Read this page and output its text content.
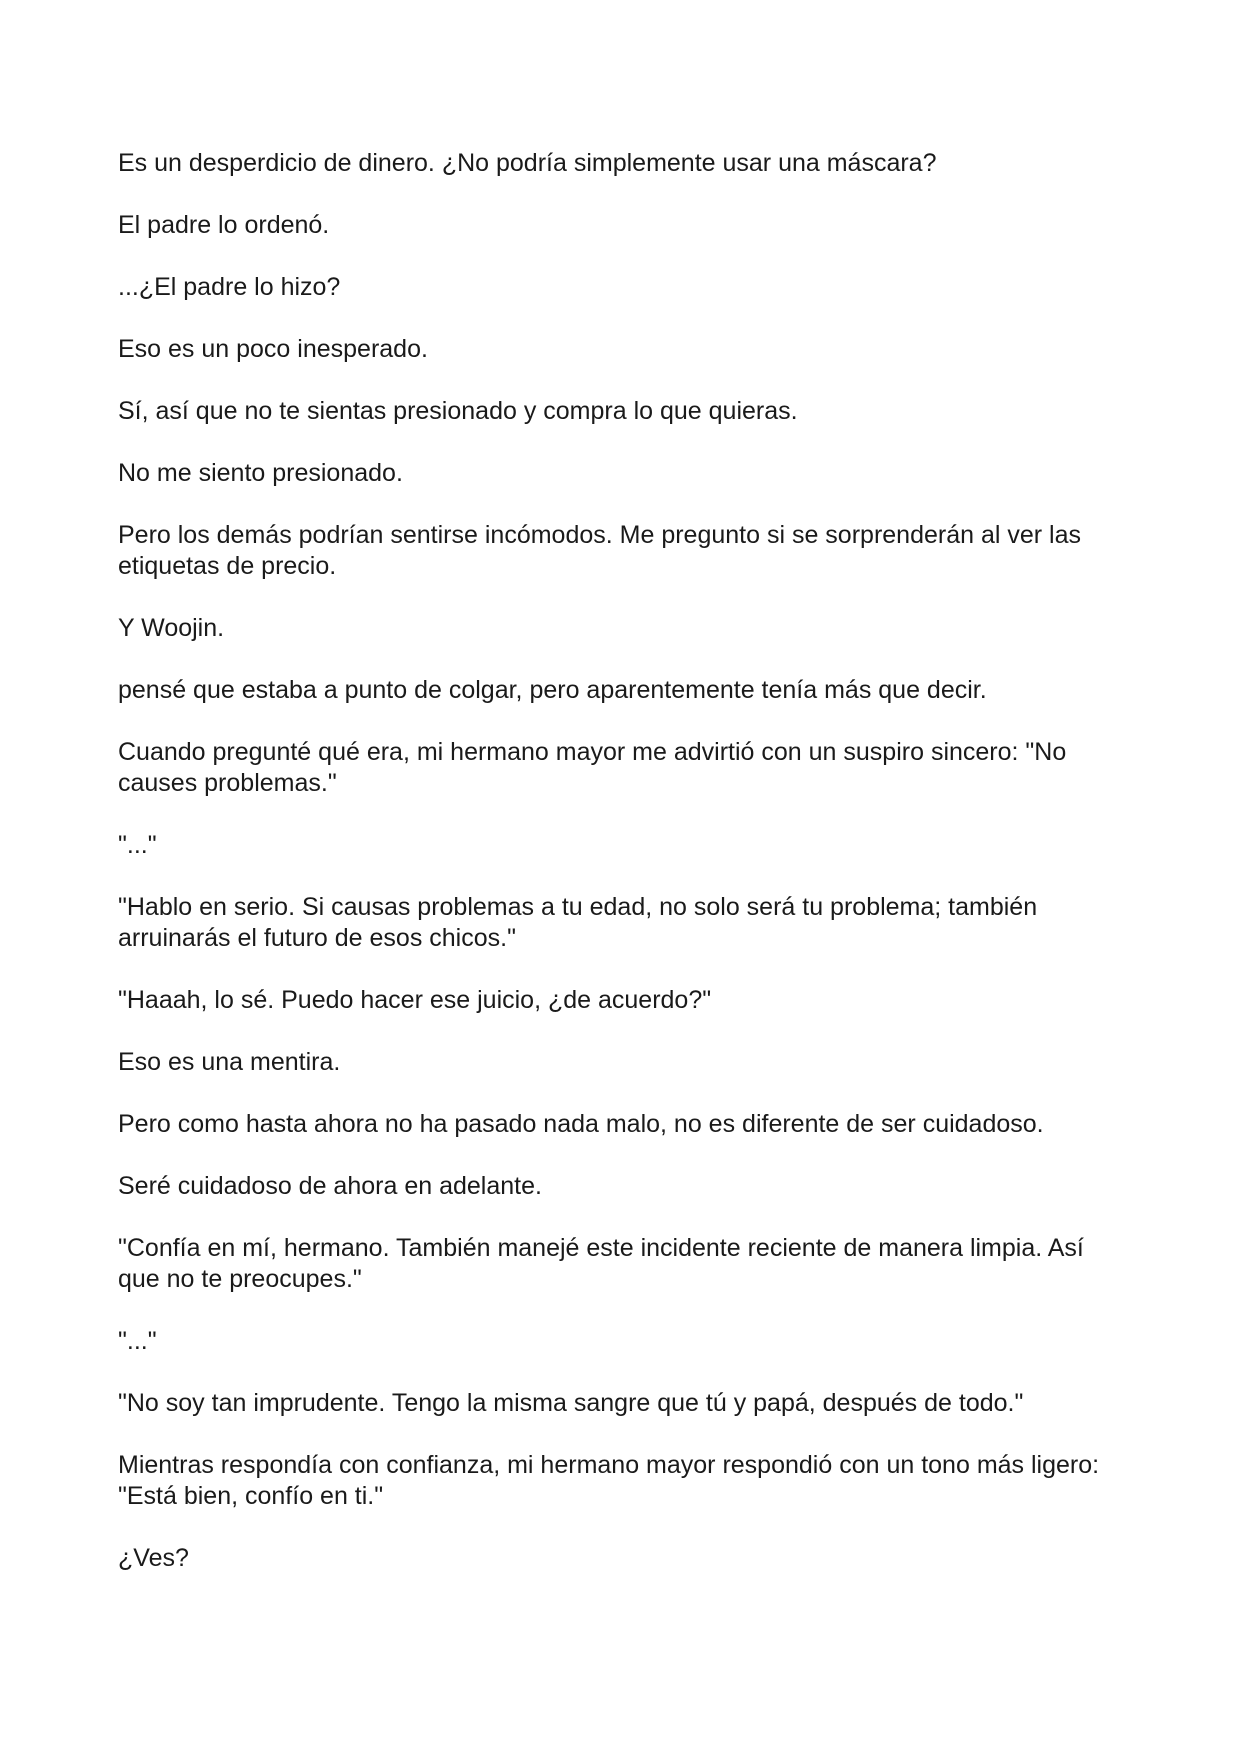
Es un desperdicio de dinero. ¿No podría simplemente usar una máscara?

El padre lo ordenó.

...¿El padre lo hizo?

Eso es un poco inesperado.

Sí, así que no te sientas presionado y compra lo que quieras.

No me siento presionado.

Pero los demás podrían sentirse incómodos. Me pregunto si se sorprenderán al ver las etiquetas de precio.

Y Woojin.

pensé que estaba a punto de colgar, pero aparentemente tenía más que decir.

Cuando pregunté qué era, mi hermano mayor me advirtió con un suspiro sincero: "No causes problemas."

"..."

"Hablo en serio. Si causas problemas a tu edad, no solo será tu problema; también arruinarás el futuro de esos chicos."

"Haaah, lo sé. Puedo hacer ese juicio, ¿de acuerdo?"

Eso es una mentira.

Pero como hasta ahora no ha pasado nada malo, no es diferente de ser cuidadoso.

Seré cuidadoso de ahora en adelante.

"Confía en mí, hermano. También manejé este incidente reciente de manera limpia. Así que no te preocupes."

"..."

"No soy tan imprudente. Tengo la misma sangre que tú y papá, después de todo."

Mientras respondía con confianza, mi hermano mayor respondió con un tono más ligero: "Está bien, confío en ti."

¿Ves?
